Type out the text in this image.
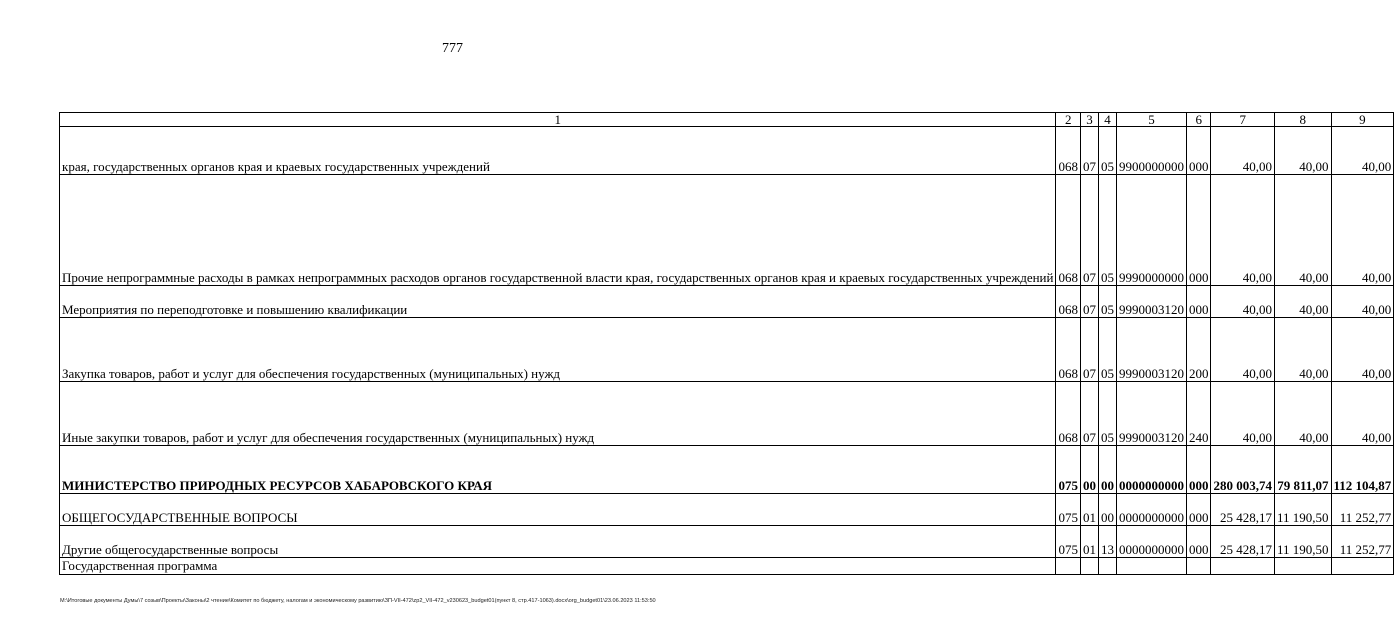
777
1	2	3	4	5	6	7	8	9
края, государственных органов края и краевых государственных учреждений	068	07	05	9900000000	000	40,00	40,00	40,00
Прочие непрограммные расходы в рамках непрограммных расходов органов государственной власти края, государственных органов края и краевых государственных учреждений	068	07	05	9990000000	000	40,00	40,00	40,00
Мероприятия по переподготовке и повышению квалификации	068	07	05	9990003120	000	40,00	40,00	40,00
Закупка товаров, работ и услуг для обеспечения государственных (муниципальных) нужд	068	07	05	9990003120	200	40,00	40,00	40,00
Иные закупки товаров, работ и услуг для обеспечения государственных (муниципальных) нужд	068	07	05	9990003120	240	40,00	40,00	40,00
МИНИСТЕРСТВО ПРИРОДНЫХ РЕСУРСОВ ХАБАРОВСКОГО КРАЯ	075	00	00	0000000000	000	280 003,74	79 811,07	112 104,87
ОБЩЕГОСУДАРСТВЕННЫЕ ВОПРОСЫ	075	01	00	0000000000	000	25 428,17	11 190,50	11 252,77
Другие общегосударственные вопросы	075	01	13	0000000000	000	25 428,17	11 190,50	11 252,77
Государственная программа								
M:\Итоговые документы Думы\7 созыв\Проекты\Законы\2 чтение\Комитет по бюджету, налогам и экономическому развитию\ЗП-VII-472\zp2_VII-472_v230623_budget01(пункт 8, стр.417-1063).docx\org_budget01\23.06.2023 11:53:50
